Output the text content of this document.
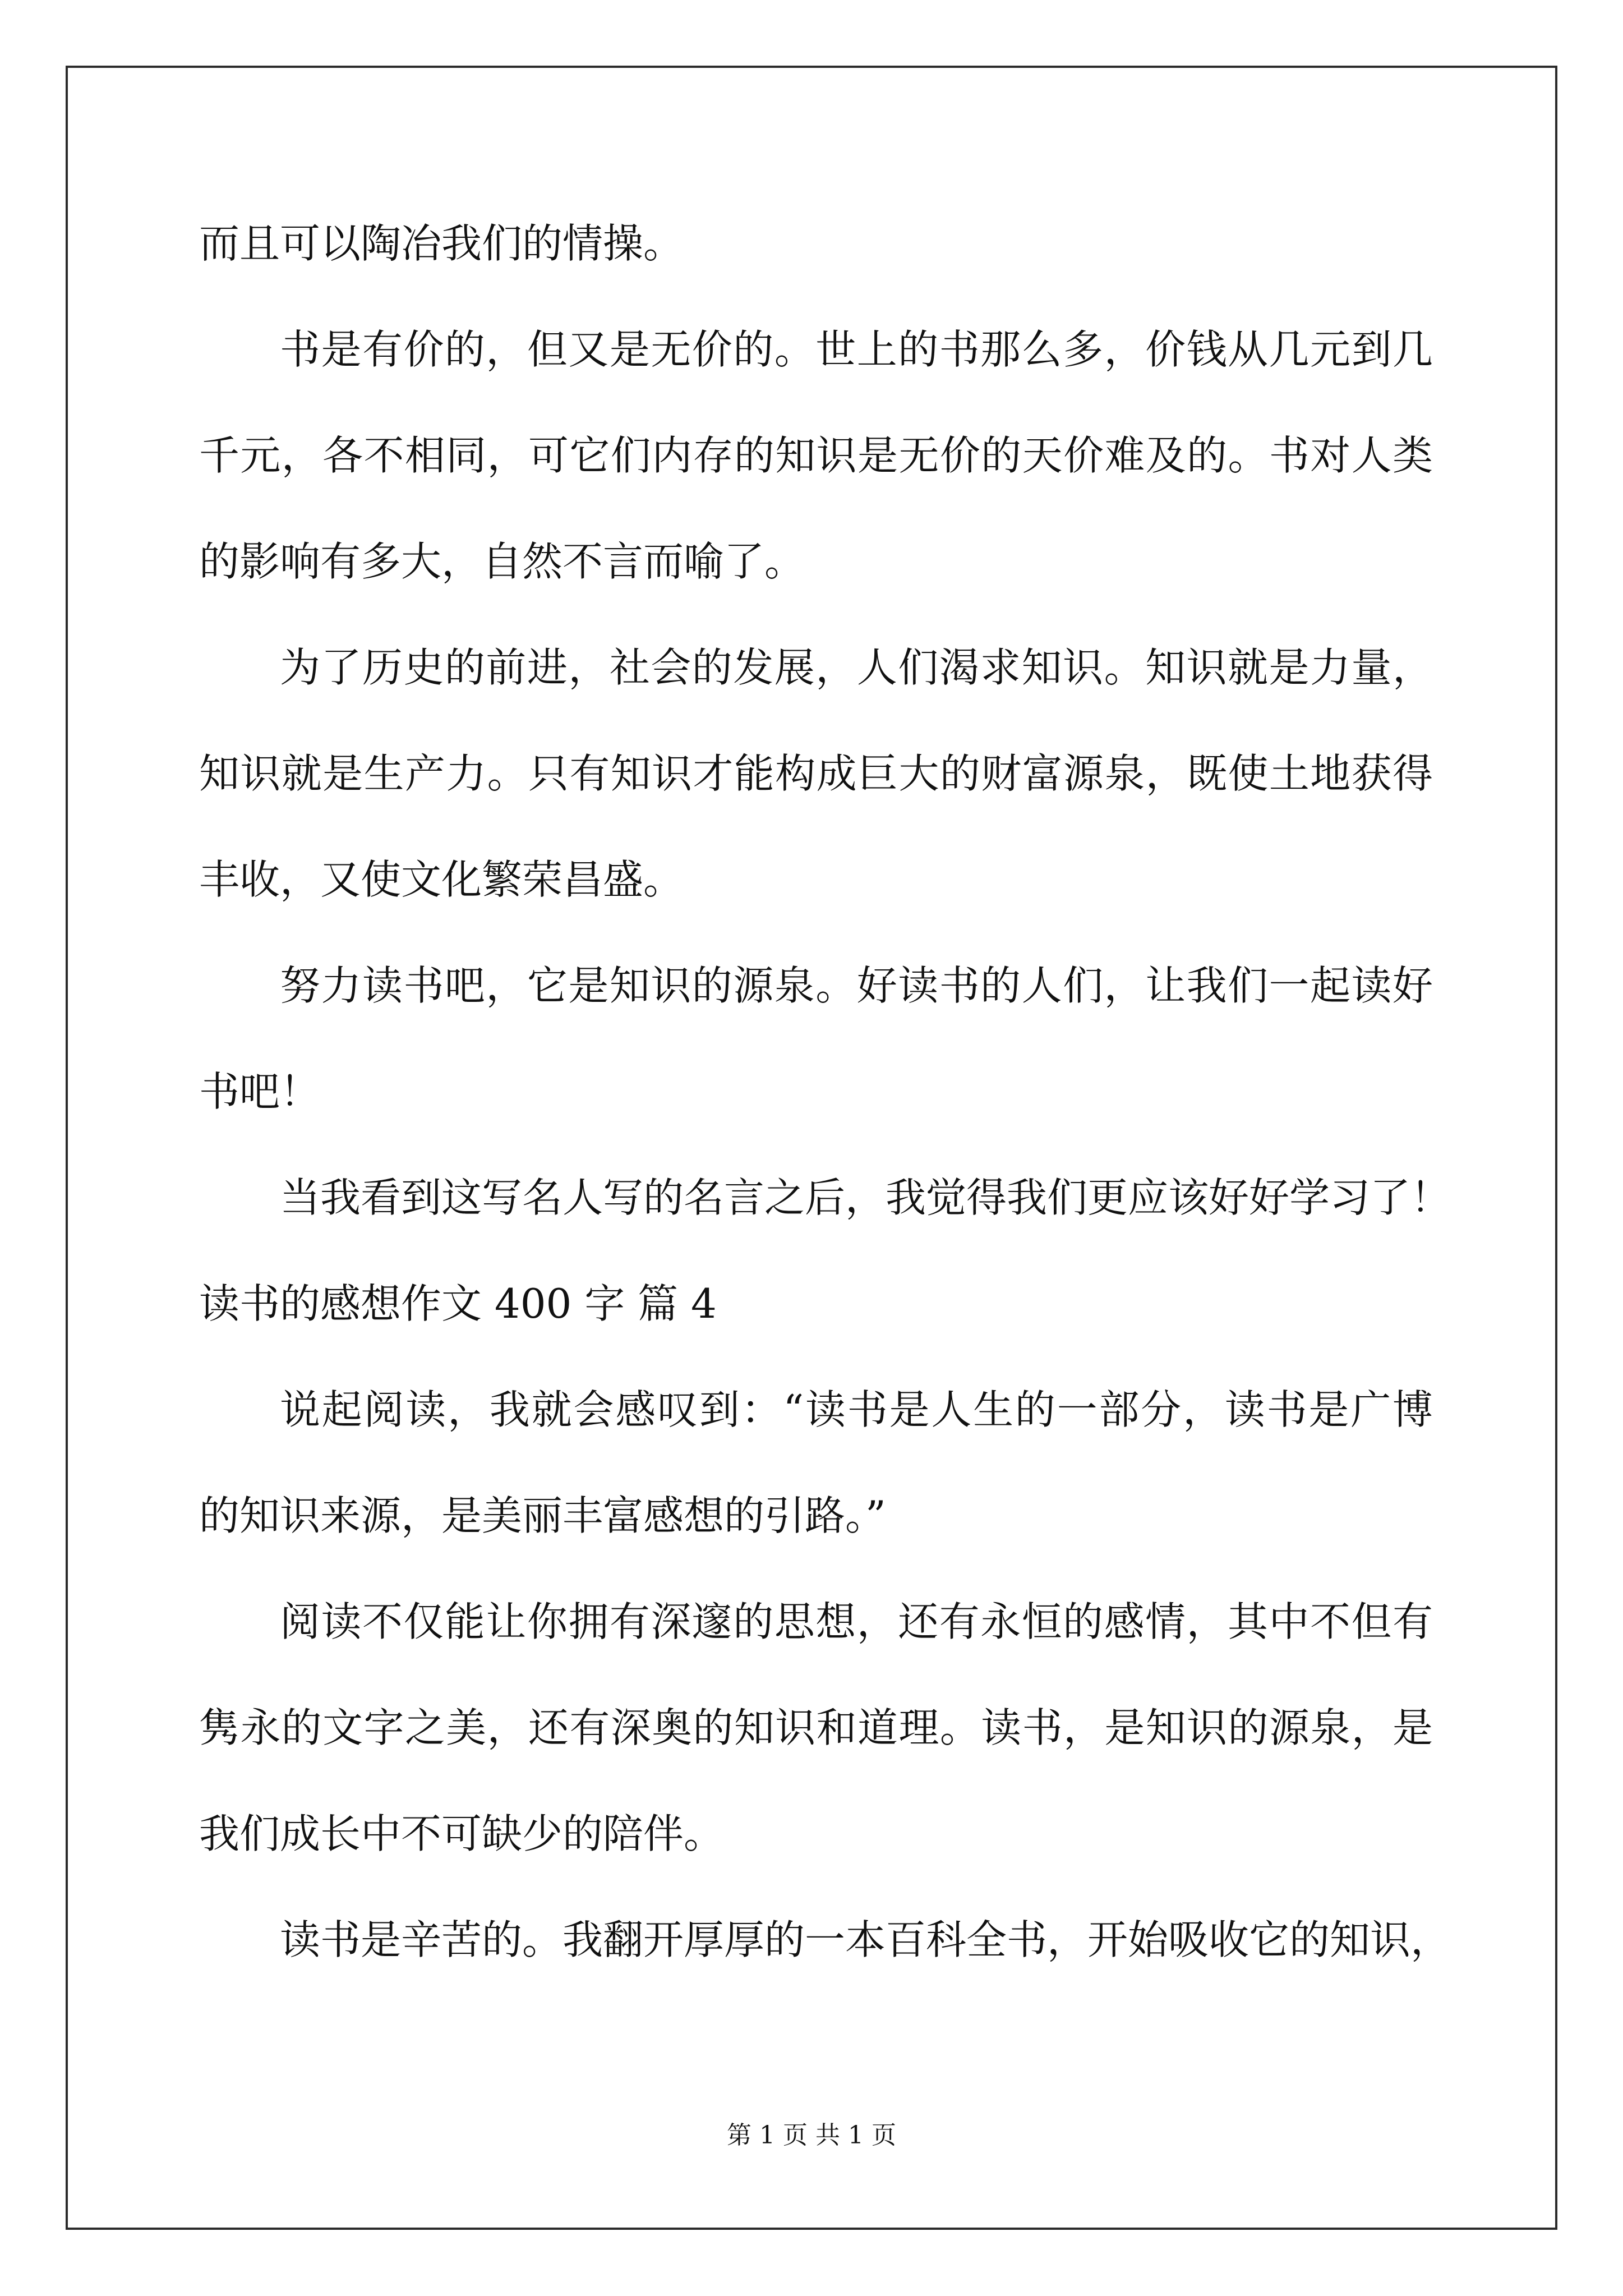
而且可以陶冶我们的情操。
书是有价的，但又是无价的。世上的书那么多，价钱从几元到几
千元，各不相同，可它们内存的知识是无价的天价难及的。书对人类
的影响有多大，自然不言而喻了。
为了历史的前进，社会的发展，人们渴求知识。知识就是力量，
知识就是生产力。只有知识才能构成巨大的财富源泉，既使土地获得
丰收，又使文化繁荣昌盛。
努力读书吧，它是知识的源泉。好读书的人们，让我们一起读好
书吧！
当我看到这写名人写的名言之后，我觉得我们更应该好好学习了！
读书的感想作文 400 字 篇 4
说起阅读，我就会感叹到：“读书是人生的一部分，读书是广博
的知识来源，是美丽丰富感想的引路。”
阅读不仅能让你拥有深邃的思想，还有永恒的感情，其中不但有
隽永的文字之美，还有深奥的知识和道理。读书，是知识的源泉，是
我们成长中不可缺少的陪伴。
读书是辛苦的。我翻开厚厚的一本百科全书，开始吸收它的知识，
第 1 页 共 1 页
